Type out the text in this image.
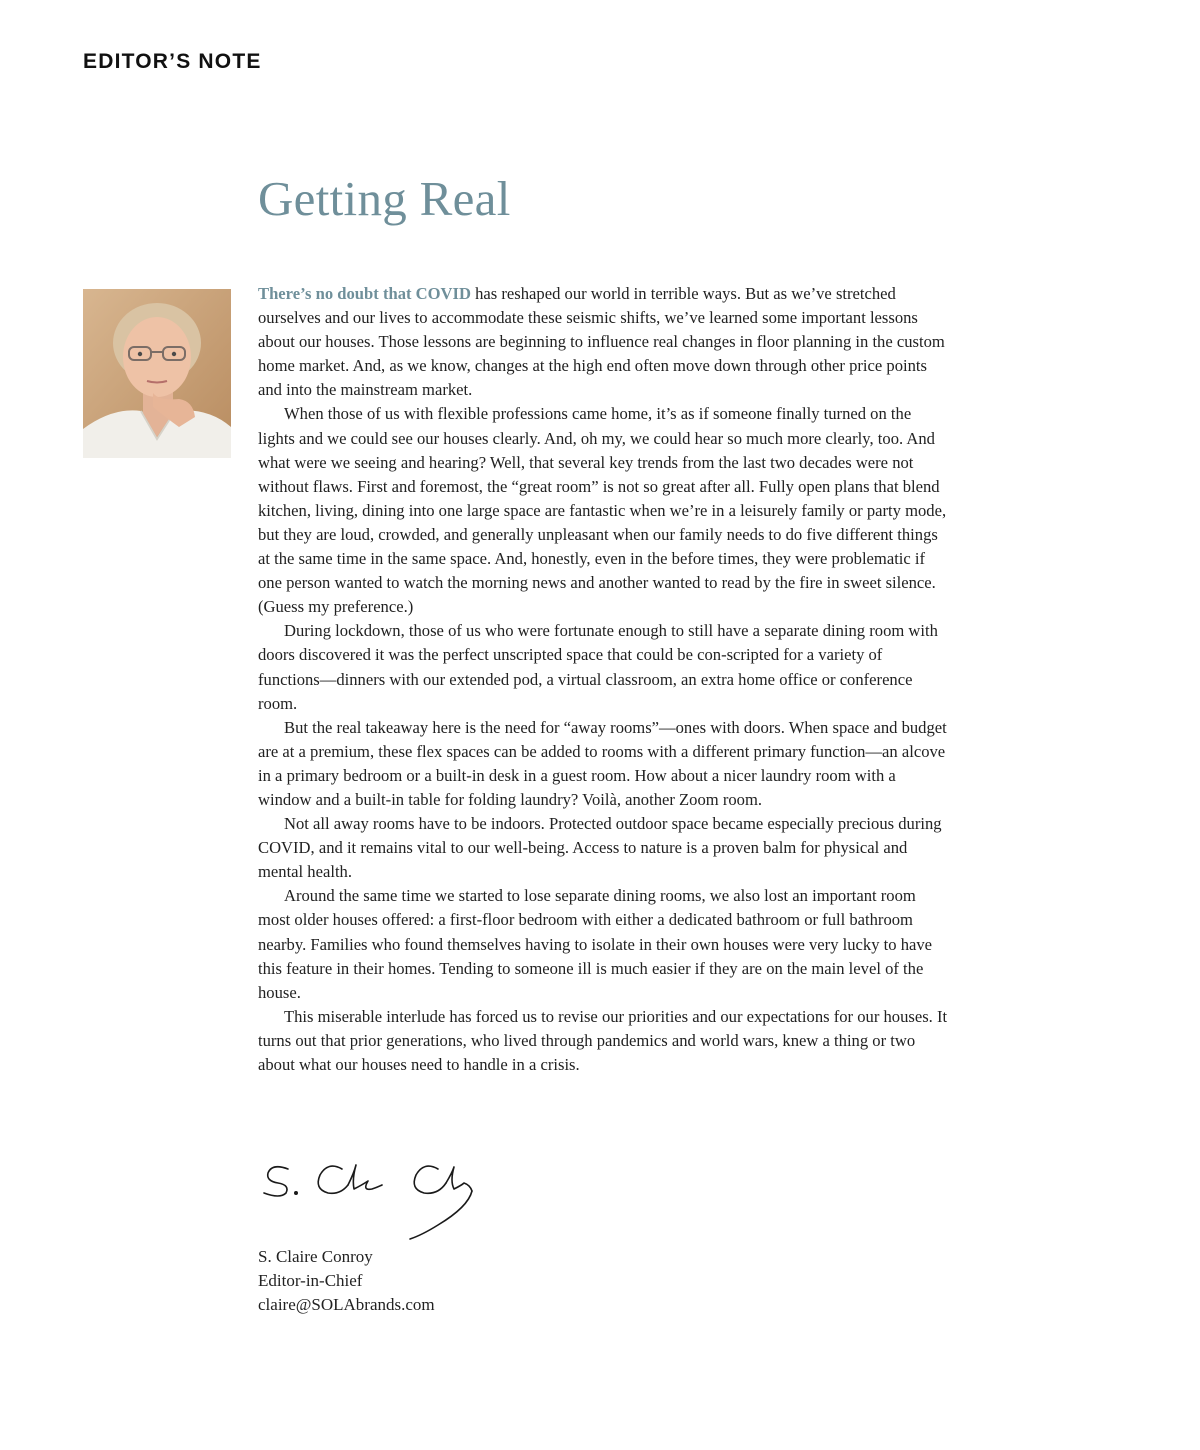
EDITOR’S NOTE
Getting Real

There’s no doubt that COVID has reshaped our world in terrible ways. But as we’ve stretched ourselves and our lives to accommodate these seismic shifts, we’ve learned some important lessons about our houses. Those lessons are beginning to influence real changes in floor planning in the custom home market. And, as we know, changes at the high end often move down through other price points and into the mainstream market.

When those of us with flexible professions came home, it’s as if someone finally turned on the lights and we could see our houses clearly. And, oh my, we could hear so much more clearly, too. And what were we seeing and hearing? Well, that several key trends from the last two decades were not without flaws. First and foremost, the “great room” is not so great after all. Fully open plans that blend kitchen, living, dining into one large space are fantastic when we’re in a leisurely family or party mode, but they are loud, crowded, and generally unpleasant when our family needs to do five different things at the same time in the same space. And, honestly, even in the before times, they were problematic if one person wanted to watch the morning news and another wanted to read by the fire in sweet silence. (Guess my preference.)

During lockdown, those of us who were fortunate enough to still have a separate dining room with doors discovered it was the perfect unscripted space that could be con-scripted for a variety of functions—dinners with our extended pod, a virtual classroom, an extra home office or conference room.

But the real takeaway here is the need for “away rooms”—ones with doors. When space and budget are at a premium, these flex spaces can be added to rooms with a different primary function—an alcove in a primary bedroom or a built-in desk in a guest room. How about a nicer laundry room with a window and a built-in table for folding laundry? Voilà, another Zoom room.

Not all away rooms have to be indoors. Protected outdoor space became especially precious during COVID, and it remains vital to our well-being. Access to nature is a proven balm for physical and mental health.

Around the same time we started to lose separate dining rooms, we also lost an important room most older houses offered: a first-floor bedroom with either a dedicated bathroom or full bathroom nearby. Families who found themselves having to isolate in their own houses were very lucky to have this feature in their homes. Tending to someone ill is much easier if they are on the main level of the house.

This miserable interlude has forced us to revise our priorities and our expectations for our houses. It turns out that prior generations, who lived through pandemics and world wars, knew a thing or two about what our houses need to handle in a crisis.

S. Claire Conroy
Editor-in-Chief
claire@SOLAbrands.com
